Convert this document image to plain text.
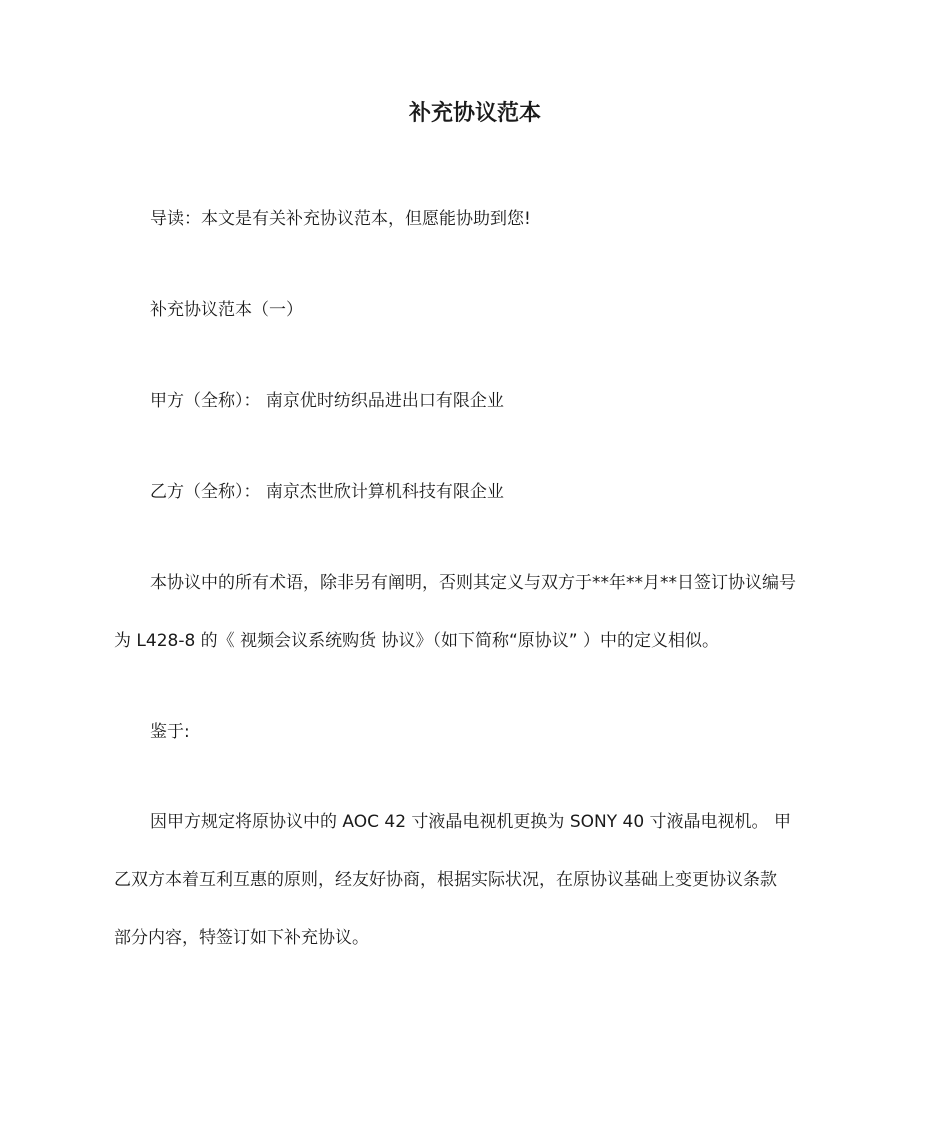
补充协议范本

导读：本文是有关补充协议范本，但愿能协助到您!

补充协议范本（一）

甲方（全称）： 南京优时纺织品进出口有限企业

乙方（全称）： 南京杰世欣计算机科技有限企业

本协议中的所有术语，除非另有阐明，否则其定义与双方于**年**月**日签订协议编号

为 L428-8 的《 视频会议系统购货 协议》（如下简称“原协议” ）中的定义相似。

鉴于:

因甲方规定将原协议中的 AOC 42 寸液晶电视机更换为 SONY 40 寸液晶电视机。 甲

乙双方本着互利互惠的原则，经友好协商，根据实际状况，在原协议基础上变更协议条款

部分内容，特签订如下补充协议。
